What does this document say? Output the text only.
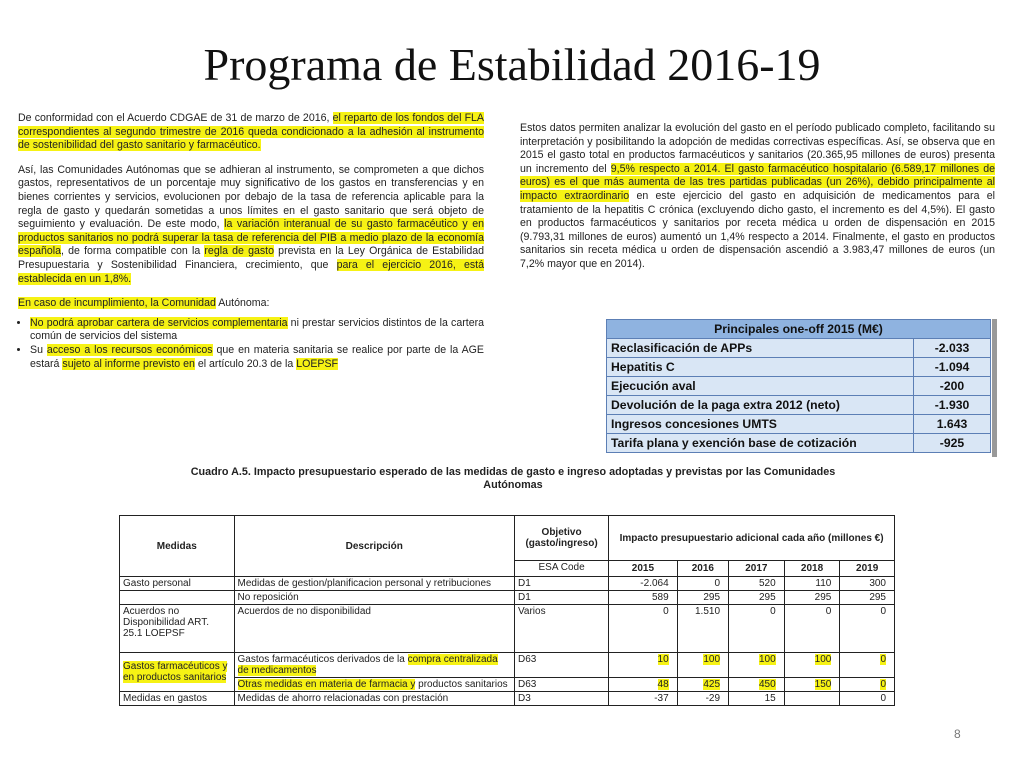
Programa de Estabilidad 2016-19

De conformidad con el Acuerdo CDGAE de 31 de marzo de 2016, el reparto de los fondos del FLA correspondientes al segundo trimestre de 2016 queda condicionado a la adhesión al instrumento de sostenibilidad del gasto sanitario y farmacéutico.

Así, las Comunidades Autónomas que se adhieran al instrumento, se comprometen a que dichos gastos, representativos de un porcentaje muy significativo de los gastos en transferencias y en bienes corrientes y servicios, evolucionen por debajo de la tasa de referencia aplicable para la regla de gasto y quedarán sometidas a unos límites en el gasto sanitario que será objeto de seguimiento y evaluación. De este modo, la variación interanual de su gasto farmacéutico y en productos sanitarios no podrá superar la tasa de referencia del PIB a medio plazo de la economía española, de forma compatible con la regla de gasto prevista en la Ley Orgánica de Estabilidad Presupuestaria y Sostenibilidad Financiera, crecimiento, que para el ejercicio 2016, está establecida en un 1,8%.

En caso de incumplimiento, la Comunidad Autónoma:

• No podrá aprobar cartera de servicios complementaria ni prestar servicios distintos de la cartera común de servicios del sistema
• Su acceso a los recursos económicos que en materia sanitaria se realice por parte de la AGE estará sujeto al informe previsto en el artículo 20.3 de la LOEPSF

Estos datos permiten analizar la evolución del gasto en el período publicado completo, facilitando su interpretación y posibilitando la adopción de medidas correctivas específicas. Así, se observa que en 2015 el gasto total en productos farmacéuticos y sanitarios (20.365,95 millones de euros) presenta un incremento del 9,5% respecto a 2014. El gasto farmacéutico hospitalario (6.589,17 millones de euros) es el que más aumenta de las tres partidas publicadas (un 26%), debido principalmente al impacto extraordinario en este ejercicio del gasto en adquisición de medicamentos para el tratamiento de la hepatitis C crónica (excluyendo dicho gasto, el incremento es del 4,5%). El gasto en productos farmacéuticos y sanitarios por receta médica u orden de dispensación en 2015 (9.793,31 millones de euros) aumentó un 1,4% respecto a 2014. Finalmente, el gasto en productos sanitarios sin receta médica u orden de dispensación ascendió a 3.983,47 millones de euros (un 7,2% mayor que en 2014).

Principales one-off 2015 (M€)	
Reclasificación de APPs	-2.033
Hepatitis C	-1.094
Ejecución aval	-200
Devolución de la paga extra 2012 (neto)	-1.930
Ingresos concesiones UMTS	1.643
Tarifa plana y exención base de cotización	-925
Cuadro A.5. Impacto presupuestario esperado de las medidas de gasto e ingreso adoptadas y previstas por las Comunidades
Autónomas
Medidas	Descripción	Objetivo (gasto/ingreso)	Impacto presupuestario adicional cada año (millones €)				
		ESA Code	2015	2016	2017	2018	2019
Gasto personal	Medidas de gestion/planificacion personal y retribuciones	D1	-2.064	0	520	110	300
	No reposición	D1	589	295	295	295	295
Acuerdos no Disponibilidad ART. 25.1 LOEPSF	Acuerdos de no disponibilidad	Varios	0	1.510	0	0	0
Gastos farmacéuticos y en productos sanitarios	Gastos farmacéuticos derivados de la compra centralizada de medicamentos	D63	10	100	100	100	0
	Otras medidas en materia de farmacia y productos sanitarios	D63	48	425	450	150	0
Medidas en gastos	Medidas de ahorro relacionadas con prestación	D3	-37	-29	15		0
8
